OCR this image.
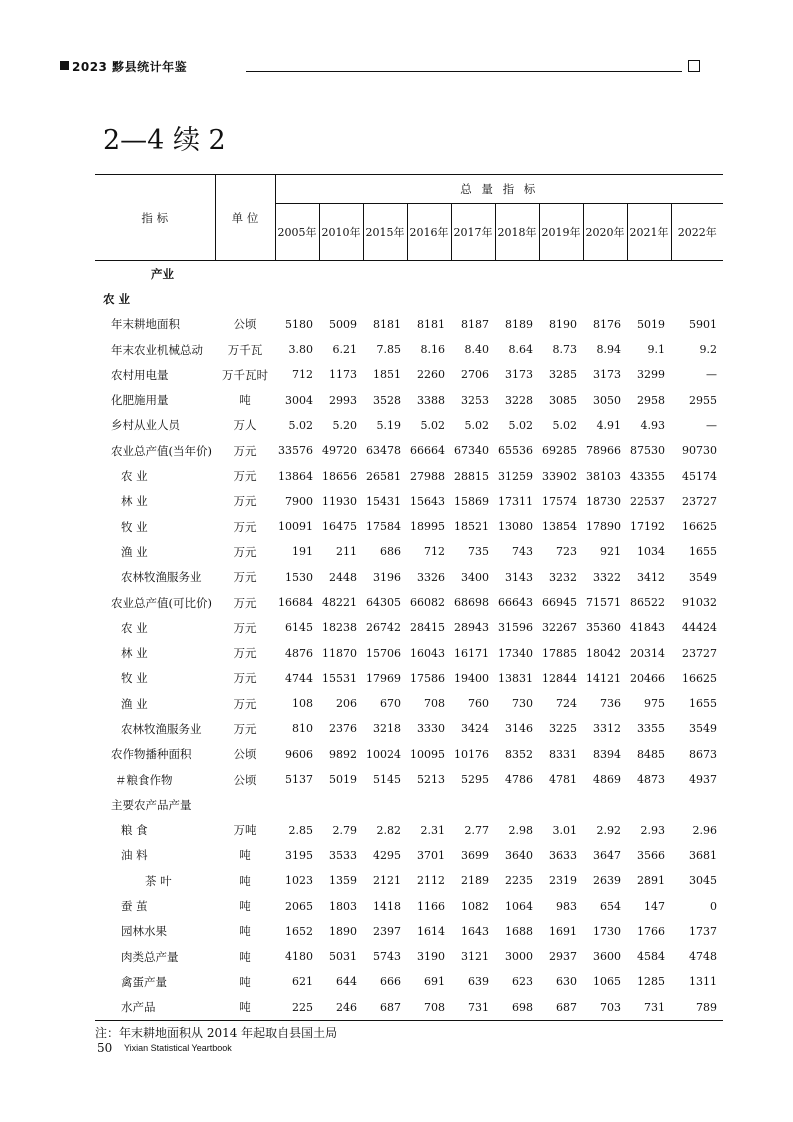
2023 黟县统计年鉴
2—4 续 2
指 标	单 位	总 量 指 标									
		2005年	2010年	2015年	2016年	2017年	2018年	2019年	2020年	2021年	2022年
产业											
农 业											
年末耕地面积	公顷	5180	5009	8181	8181	8187	8189	8190	8176	5019	5901
年末农业机械总动	万千瓦	3.80	6.21	7.85	8.16	8.40	8.64	8.73	8.94	9.1	9.2
农村用电量	万千瓦时	712	1173	1851	2260	2706	3173	3285	3173	3299	—
化肥施用量	吨	3004	2993	3528	3388	3253	3228	3085	3050	2958	2955
乡村从业人员	万人	5.02	5.20	5.19	5.02	5.02	5.02	5.02	4.91	4.93	—
农业总产值(当年价)	万元	33576	49720	63478	66664	67340	65536	69285	78966	87530	90730
农 业	万元	13864	18656	26581	27988	28815	31259	33902	38103	43355	45174
林 业	万元	7900	11930	15431	15643	15869	17311	17574	18730	22537	23727
牧 业	万元	10091	16475	17584	18995	18521	13080	13854	17890	17192	16625
渔 业	万元	191	211	686	712	735	743	723	921	1034	1655
农林牧渔服务业	万元	1530	2448	3196	3326	3400	3143	3232	3322	3412	3549
农业总产值(可比价)	万元	16684	48221	64305	66082	68698	66643	66945	71571	86522	91032
农 业	万元	6145	18238	26742	28415	28943	31596	32267	35360	41843	44424
林 业	万元	4876	11870	15706	16043	16171	17340	17885	18042	20314	23727
牧 业	万元	4744	15531	17969	17586	19400	13831	12844	14121	20466	16625
渔 业	万元	108	206	670	708	760	730	724	736	975	1655
农林牧渔服务业	万元	810	2376	3218	3330	3424	3146	3225	3312	3355	3549
农作物播种面积	公顷	9606	9892	10024	10095	10176	8352	8331	8394	8485	8673
＃粮食作物	公顷	5137	5019	5145	5213	5295	4786	4781	4869	4873	4937
主要农产品产量											
粮 食	万吨	2.85	2.79	2.82	2.31	2.77	2.98	3.01	2.92	2.93	2.96
油 料	吨	3195	3533	4295	3701	3699	3640	3633	3647	3566	3681
茶 叶	吨	1023	1359	2121	2112	2189	2235	2319	2639	2891	3045
蚕 茧	吨	2065	1803	1418	1166	1082	1064	983	654	147	0
园林水果	吨	1652	1890	2397	1614	1643	1688	1691	1730	1766	1737
肉类总产量	吨	4180	5031	5743	3190	3121	3000	2937	3600	4584	4748
禽蛋产量	吨	621	644	666	691	639	623	630	1065	1285	1311
水产品	吨	225	246	687	708	731	698	687	703	731	789
注：年末耕地面积从 2014 年起取自县国土局
50 Yixian Statistical Yeartbook
